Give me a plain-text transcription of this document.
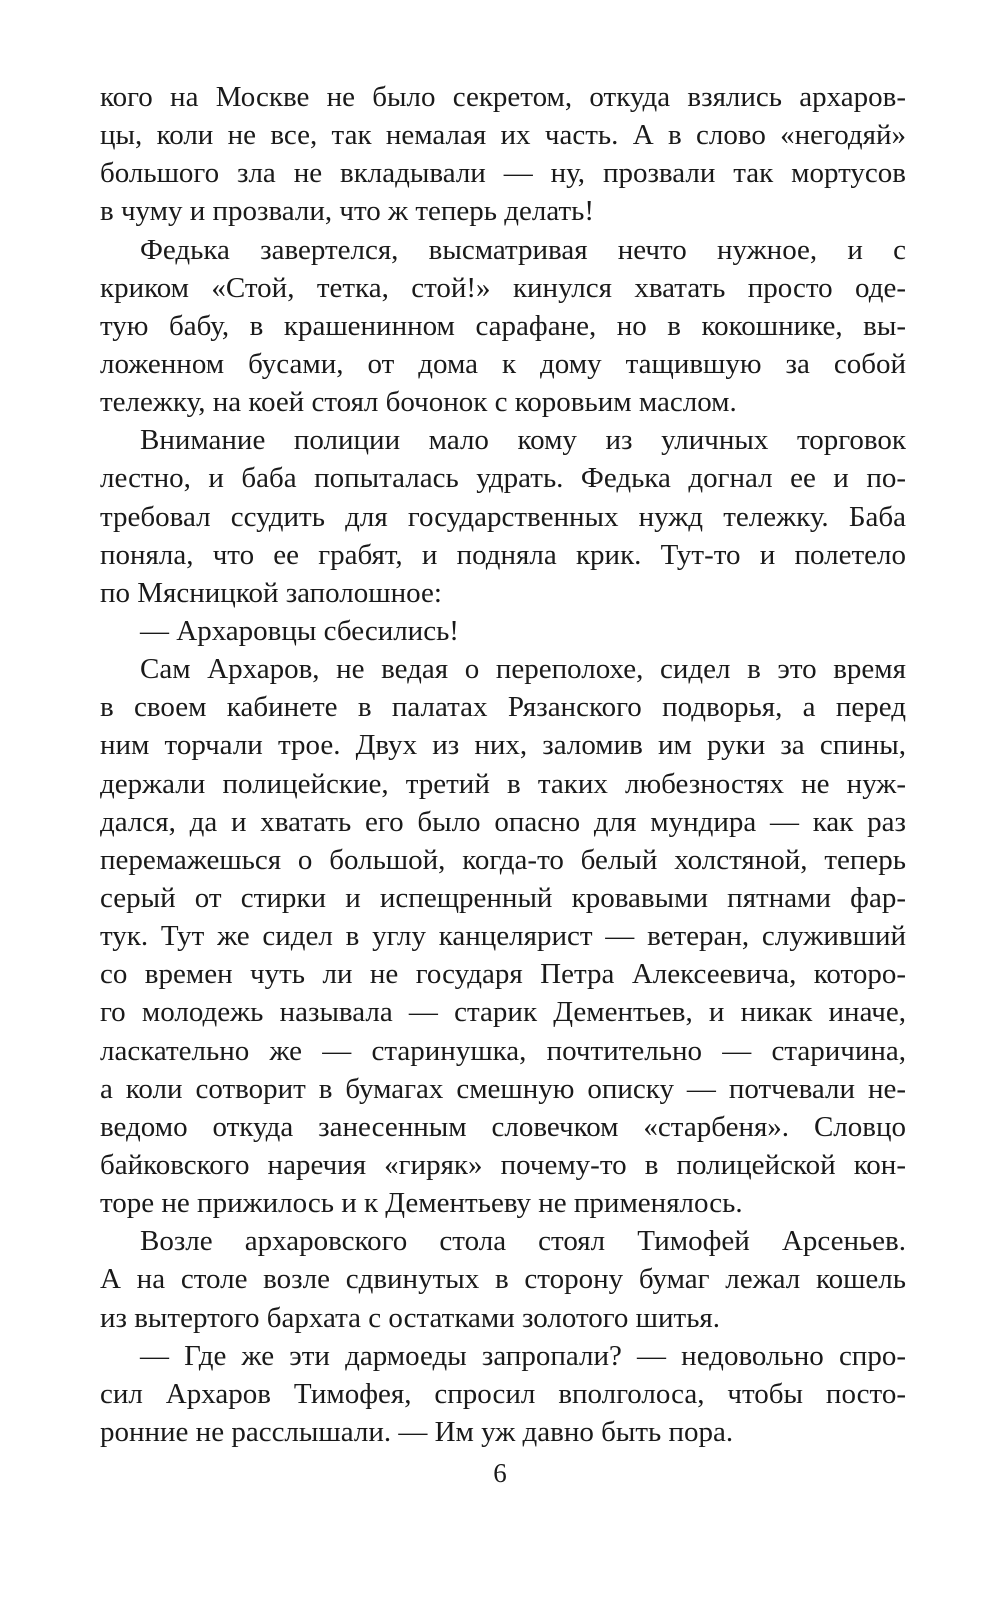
кого на Москве не было секретом, откуда взялись архаров-
цы, коли не все, так немалая их часть. А в слово «негодяй»
большого зла не вкладывали — ну, прозвали так мортусов
в чуму и прозвали, что ж теперь делать!
Федька завертелся, высматривая нечто нужное, и с
криком «Стой, тетка, стой!» кинулся хватать просто оде-
тую бабу, в крашенинном сарафане, но в кокошнике, вы-
ложенном бусами, от дома к дому тащившую за собой
тележку, на коей стоял бочонок с коровьим маслом.
Внимание полиции мало кому из уличных торговок
лестно, и баба попыталась удрать. Федька догнал ее и по-
требовал ссудить для государственных нужд тележку. Баба
поняла, что ее грабят, и подняла крик. Тут-то и полетело
по Мясницкой заполошное:
— Архаровцы сбесились!
Сам Архаров, не ведая о переполохе, сидел в это время
в своем кабинете в палатах Рязанского подворья, а перед
ним торчали трое. Двух из них, заломив им руки за спины,
держали полицейские, третий в таких любезностях не нуж-
дался, да и хватать его было опасно для мундира — как раз
перемажешься о большой, когда-то белый холстяной, теперь
серый от стирки и испещренный кровавыми пятнами фар-
тук. Тут же сидел в углу канцелярист — ветеран, служивший
со времен чуть ли не государя Петра Алексеевича, которо-
го молодежь называла — старик Дементьев, и никак иначе,
ласкательно же — старинушка, почтительно — старичина,
а коли сотворит в бумагах смешную описку — потчевали не-
ведомо откуда занесенным словечком «старбеня». Словцо
байковского наречия «гиряк» почему-то в полицейской кон-
торе не прижилось и к Дементьеву не применялось.
Возле архаровского стола стоял Тимофей Арсеньев.
А на столе возле сдвинутых в сторону бумаг лежал кошель
из вытертого бархата с остатками золотого шитья.
— Где же эти дармоеды запропали? — недовольно спро-
сил Архаров Тимофея, спросил вполголоса, чтобы посто-
ронние не расслышали. — Им уж давно быть пора.
6
